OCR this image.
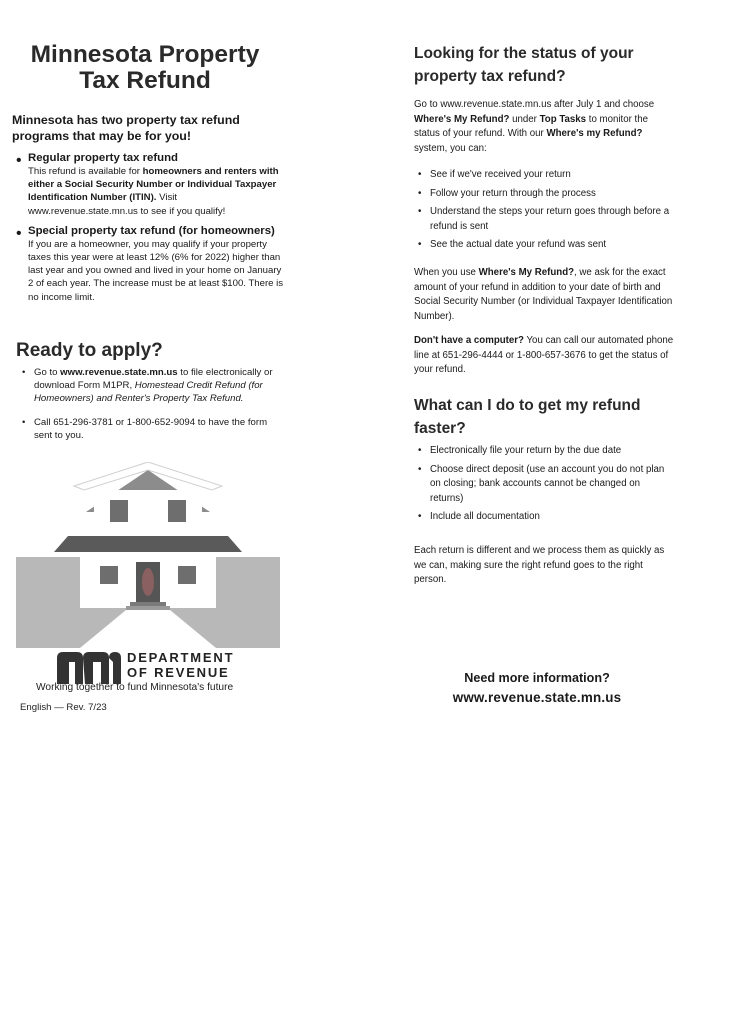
Minnesota Property
Tax Refund

Minnesota has two property tax refund programs that may be for you!

• Regular property tax refund
This refund is available for homeowners and renters with either a Social Security Number or Individual Taxpayer Identification Number (ITIN). Visit www.revenue.state.mn.us to see if you qualify!
• Special property tax refund (for homeowners)
If you are a homeowner, you may qualify if your property taxes this year were at least 12% (6% for 2022) higher than last year and you owned and lived in your home on January 2 of each year. The increase must be at least $100. There is no income limit.
Ready to apply?
• Go to www.revenue.state.mn.us to file electronically or download Form M1PR, Homestead Credit Refund (for Homeowners) and Renter's Property Tax Refund.
• Call 651-296-3781 or 1-800-652-9094 to have the form sent to you.
DEPARTMENT
OF REVENUE
Working together to fund Minnesota's future
English — Rev. 7/23
Looking for the status of your property tax refund?
Go to www.revenue.state.mn.us after July 1 and choose Where's My Refund? under Top Tasks to monitor the status of your refund. With our Where's my Refund? system, you can:
• See if we've received your return
• Follow your return through the process
• Understand the steps your return goes through before a refund is sent
• See the actual date your refund was sent
When you use Where's My Refund?, we ask for the exact amount of your refund in addition to your date of birth and Social Security Number (or Individual Taxpayer Identification Number).
Don't have a computer? You can call our automated phone line at 651-296-4444 or 1-800-657-3676 to get the status of your refund.
What can I do to get my refund faster?
• Electronically file your return by the due date
• Choose direct deposit (use an account you do not plan on closing; bank accounts cannot be changed on returns)
• Include all documentation
Each return is different and we process them as quickly as we can, making sure the right refund goes to the right person.
Need more information?
www.revenue.state.mn.us
